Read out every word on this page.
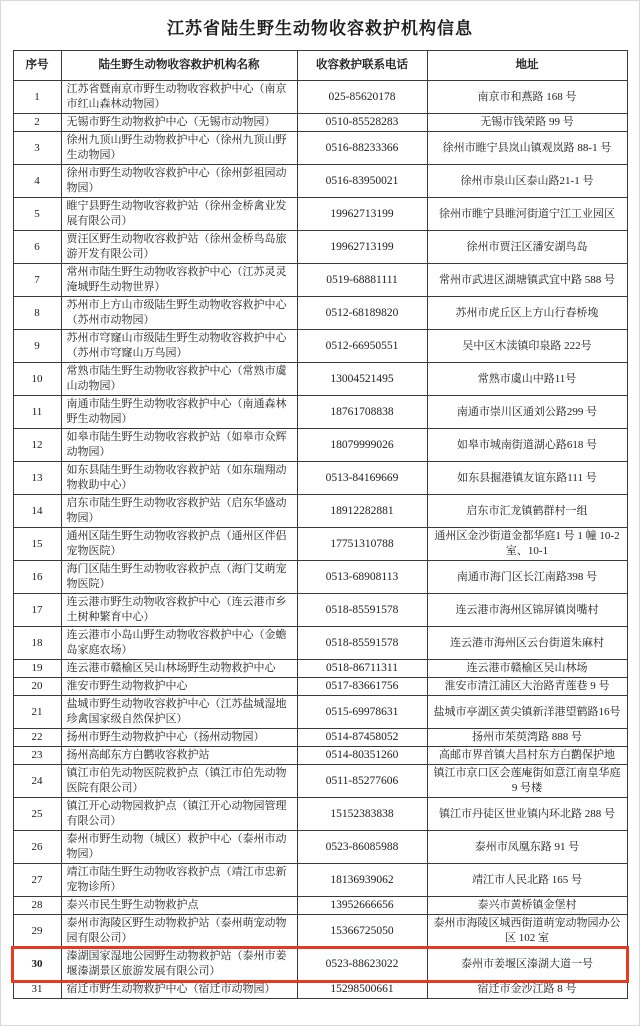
江苏省陆生野生动物收容救护机构信息
序号	陆生野生动物收容救护机构名称	收容救护联系电话	地址
1	江苏省暨南京市野生动物收容救护中心（南京市红山森林动物园）	025-85620178	南京市和燕路 168 号
2	无锡市野生动物救护中心（无锡市动物园）	0510-85528283	无锡市钱荣路 99 号
3	徐州九顶山野生动物救护中心（徐州九顶山野生动物园）	0516-88233366	徐州市睢宁县岚山镇观岚路 88-1 号
4	徐州市野生动物收容救护中心（徐州彭祖园动物园）	0516-83950021	徐州市泉山区泰山路21-1 号
5	睢宁县野生动物收容救护站（徐州金桥禽业发展有限公司）	19962713199	徐州市睢宁县睢河街道宁江工业园区
6	贾汪区野生动物收容救护站（徐州金桥鸟岛旅游开发有限公司）	19962713199	徐州市贾汪区潘安湖鸟岛
7	常州市陆生野生动物收容救护中心（江苏灵灵淹城野生动物世界）	0519-68881111	常州市武进区湖塘镇武宜中路 588 号
8	苏州市上方山市级陆生野生动物收容救护中心（苏州市动物园）	0512-68189820	苏州市虎丘区上方山行春桥堍
9	苏州市穹窿山市级陆生野生动物收容救护中心（苏州市穹窿山万鸟园）	0512-66950551	吴中区木渎镇印泉路 222号
10	常熟市陆生野生动物收容救护中心（常熟市虞山动物园）	13004521495	常熟市虞山中路11号
11	南通市陆生野生动物收容救护中心（南通森林野生动物园）	18761708838	南通市崇川区通刘公路299 号
12	如皋市陆生野生动物收容救护站（如皋市众辉动物园）	18079999026	如皋市城南街道湖心路618 号
13	如东县陆生野生动物收容救护站（如东瑞翔动物救助中心）	0513-84169669	如东县掘港镇友谊东路111 号
14	启东市陆生野生动物收容救护站（启东华盛动物园）	18912282881	启东市汇龙镇鹤群村一组
15	通州区陆生野生动物收容救护点（通州区伴侣宠物医院）	17751310788	通州区金沙街道金都华庭1 号 1 幢 10-2 室、10-1
16	海门区陆生野生动物收容救护点（海门艾萌宠物医院）	0513-68908113	南通市海门区长江南路398 号
17	连云港市野生动物收容救护中心（连云港市乡土树种繁育中心）	0518-85591578	连云港市海州区锦屏镇岗嘴村
18	连云港市小岛山野生动物收容救护中心（金蟾岛家庭农场）	0518-85591578	连云港市海州区云台街道朱麻村
19	连云港市赣榆区吴山林场野生动物救护中心	0518-86711311	连云港市赣榆区吴山林场
20	淮安市野生动物救护中心	0517-83661756	淮安市清江浦区大治路青莲巷 9 号
21	盐城市野生动物收容救护中心（江苏盐城湿地珍禽国家级自然保护区）	0515-69978631	盐城市亭湖区黄尖镇新洋港望鹤路16号
22	扬州市野生动物救护中心（扬州动物园）	0514-87458052	扬州市茱萸湾路 888 号
23	扬州高邮东方白鹳收容救护站	0514-80351260	高邮市界首镇大昌村东方白鹳保护地
24	镇江市伯先动物医院救护点（镇江市伯先动物医院有限公司）	0511-85277606	镇江市京口区会莲庵街如意江南皇华庭 9 号楼
25	镇江开心动物园救护点（镇江开心动物园管理有限公司）	15152383838	镇江市丹徒区世业镇内环北路 288 号
26	泰州市野生动物（城区）救护中心（泰州市动物园）	0523-86085988	泰州市凤凰东路 91 号
27	靖江市陆生野生动物收容救护点（靖江市忠新宠物诊所）	18136939062	靖江市人民北路 165 号
28	泰兴市民生野生动物救护点	13952666656	泰兴市黄桥镇金堡村
29	泰州市海陵区野生动物救护站（泰州萌宠动物园有限公司）	15366725050	泰州市海陵区城西街道萌宠动物园办公区 102 室
30	溱湖国家湿地公园野生动物救护站（泰州市姜堰溱湖景区旅游发展有限公司）	0523-88623022	泰州市姜堰区溱湖大道一号
31	宿迁市野生动物救护中心（宿迁市动物园）	15298500661	宿迁市金沙江路 8 号
